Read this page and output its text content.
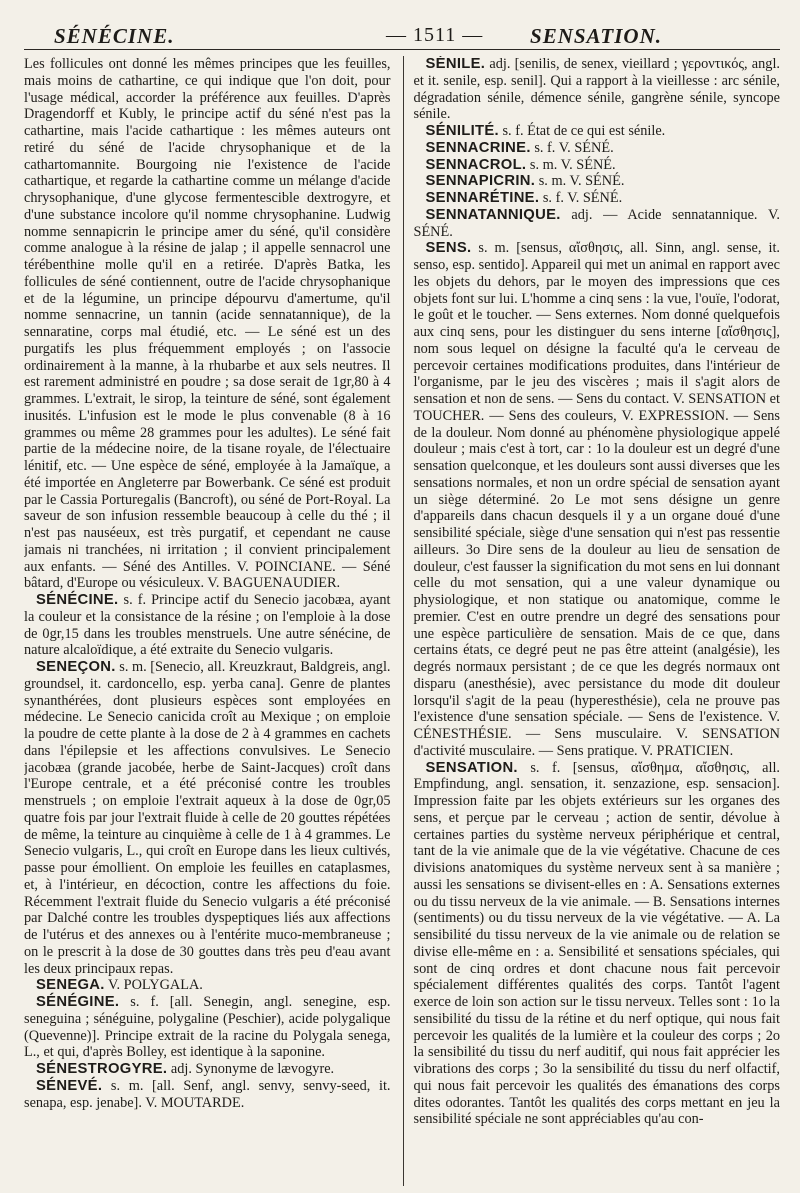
SÉNÉCINE.	— 1511 — SENSATION.

Les follicules ont donné les mêmes principes que les feuilles, mais moins de cathartine, ce qui indique que l'on doit, pour l'usage médical, accorder la préférence aux feuilles. D'après Dragendorff et Kubly, le principe actif du séné n'est pas la cathartine, mais l'acide cathartique : les mêmes auteurs ont retiré du séné de l'acide chrysophanique et de la cathartomannite. Bourgoing nie l'existence de l'acide cathartique, et regarde la cathartine comme un mélange d'acide chrysophanique, d'une glycose fermentescible dextrogyre, et d'une substance incolore qu'il nomme chrysophanine. Ludwig nomme sennapicrin le principe amer du séné, qu'il considère comme analogue à la résine de jalap ; il appelle sennacrol une térébenthine molle qu'il en a retirée. D'après Batka, les follicules de séné contiennent, outre de l'acide chrysophanique et de la légumine, un principe dépourvu d'amertume, qu'il nomme sennacrine, un tannin (acide sennatannique), de la sennaratine, corps mal étudié, etc. — Le séné est un des purgatifs les plus fréquemment employés ; on l'associe ordinairement à la manne, à la rhubarbe et aux sels neutres. Il est rarement administré en poudre ; sa dose serait de 1gr,80 à 4 grammes. L'extrait, le sirop, la teinture de séné, sont également inusités. L'infusion est le mode le plus convenable (8 à 16 grammes ou même 28 grammes pour les adultes). Le séné fait partie de la médecine noire, de la tisane royale, de l'électuaire lénitif, etc. — Une espèce de séné, employée à la Jamaïque, a été importée en Angleterre par Bowerbank. Ce séné est produit par le Cassia Porturegalis (Bancroft), ou séné de Port-Royal. La saveur de son infusion ressemble beaucoup à celle du thé ; il n'est pas nauséeux, est très purgatif, et cependant ne cause jamais ni tranchées, ni irritation ; il convient principalement aux enfants. — Séné des Antilles. V. POINCIANE. — Séné bâtard, d'Europe ou vésiculeux. V. BAGUENAUDIER.

SÉNÉCINE. s. f. Principe actif du Senecio jacobæa, ayant la couleur et la consistance de la résine ; on l'emploie à la dose de 0gr,15 dans les troubles menstruels. Une autre sénécine, de nature alcaloïdique, a été extraite du Senecio vulgaris.

SENEÇON. s. m. [Senecio, all. Kreuzkraut, Baldgreis, angl. groundsel, it. cardoncello, esp. yerba cana]. Genre de plantes synanthérées, dont plusieurs espèces sont employées en médecine. Le Senecio canicida croît au Mexique ; on emploie la poudre de cette plante à la dose de 2 à 4 grammes en cachets dans l'épilepsie et les affections convulsives. Le Senecio jacobæa (grande jacobée, herbe de Saint-Jacques) croît dans l'Europe centrale, et a été préconisé contre les troubles menstruels ; on emploie l'extrait aqueux à la dose de 0gr,05 quatre fois par jour l'extrait fluide à celle de 20 gouttes répétées de même, la teinture au cinquième à celle de 1 à 4 grammes. Le Senecio vulgaris, L., qui croît en Europe dans les lieux cultivés, passe pour émollient. On emploie les feuilles en cataplasmes, et, à l'intérieur, en décoction, contre les affections du foie. Récemment l'extrait fluide du Senecio vulgaris a été préconisé par Dalché contre les troubles dyspeptiques liés aux affections de l'utérus et des annexes ou à l'entérite muco-membraneuse ; on le prescrit à la dose de 30 gouttes dans très peu d'eau avant les deux principaux repas.

SENEGA. V. POLYGALA.

SÉNÉGINE. s. f. [all. Senegin, angl. senegine, esp. seneguina ; sénéguine, polygaline (Peschier), acide polygalique (Quevenne)]. Principe extrait de la racine du Polygala senega, L., et qui, d'après Bolley, est identique à la saponine.

SÉNESTROGYRE. adj. Synonyme de lævogyre.

SÉNEVÉ. s. m. [all. Senf, angl. senvy, senvy-seed, it. senapa, esp. jenabe]. V. MOUTARDE.

SÉNILE. adj. [senilis, de senex, vieillard ; γεροντικός, angl. et it. senile, esp. senil]. Qui a rapport à la vieillesse : arc sénile, dégradation sénile, démence sénile, gangrène sénile, syncope sénile.

SÉNILITÉ. s. f. État de ce qui est sénile.

SENNACRINE. s. f. V. SÉNÉ.

SENNACROL. s. m. V. SÉNÉ.

SENNAPICRIN. s. m. V. SÉNÉ.

SENNARÉTINE. s. f. V. SÉNÉ.

SENNATANNIQUE. adj. — Acide sennatannique. V. SÉNÉ.

SENS. s. m. [sensus, αἴσθησις, all. Sinn, angl. sense, it. senso, esp. sentido]. Appareil qui met un animal en rapport avec les objets du dehors, par le moyen des impressions que ces objets font sur lui. L'homme a cinq sens : la vue, l'ouïe, l'odorat, le goût et le toucher. — Sens externes. Nom donné quelquefois aux cinq sens, pour les distinguer du sens interne [αἴσθησις], nom sous lequel on désigne la faculté qu'a le cerveau de percevoir certaines modifications produites, dans l'intérieur de l'organisme, par le jeu des viscères ; mais il s'agit alors de sensation et non de sens. — Sens du contact. V. SENSATION et TOUCHER. — Sens des couleurs, V. EXPRESSION. — Sens de la douleur. Nom donné au phénomène physiologique appelé douleur ; mais c'est à tort, car : 1o la douleur est un degré d'une sensation quelconque, et les douleurs sont aussi diverses que les sensations normales, et non un ordre spécial de sensation ayant un siège déterminé. 2o Le mot sens désigne un genre d'appareils dans chacun desquels il y a un organe doué d'une sensibilité spéciale, siège d'une sensation qui n'est pas ressentie ailleurs. 3o Dire sens de la douleur au lieu de sensation de douleur, c'est fausser la signification du mot sens en lui donnant celle du mot sensation, qui a une valeur dynamique ou physiologique, et non statique ou anatomique, comme le premier. C'est en outre prendre un degré des sensations pour une espèce particulière de sensation. Mais de ce que, dans certains états, ce degré peut ne pas être atteint (analgésie), les degrés normaux persistant ; de ce que les degrés normaux ont disparu (anesthésie), avec persistance du mode dit douleur lorsqu'il s'agit de la peau (hyperesthésie), cela ne prouve pas l'existence d'une sensation spéciale. — Sens de l'existence. V. CÉNESTHÉSIE. — Sens musculaire. V. SENSATION d'activité musculaire. — Sens pratique. V. PRATICIEN.

SENSATION. s. f. [sensus, αἴσθημα, αἴσθησις, all. Empfindung, angl. sensation, it. senzazione, esp. sensacion]. Impression faite par les objets extérieurs sur les organes des sens, et perçue par le cerveau ; action de sentir, dévolue à certaines parties du système nerveux périphérique et central, tant de la vie animale que de la vie végétative. Chacune de ces divisions anatomiques du système nerveux sent à sa manière ; aussi les sensations se divisent-elles en : A. Sensations externes ou du tissu nerveux de la vie animale. — B. Sensations internes (sentiments) ou du tissu nerveux de la vie végétative. — A. La sensibilité du tissu nerveux de la vie animale ou de relation se divise elle-même en : a. Sensibilité et sensations spéciales, qui sont de cinq ordres et dont chacune nous fait percevoir spécialement différentes qualités des corps. Tantôt l'agent exerce de loin son action sur le tissu nerveux. Telles sont : 1o la sensibilité du tissu de la rétine et du nerf optique, qui nous fait percevoir les qualités de la lumière et la couleur des corps ; 2o la sensibilité du tissu du nerf auditif, qui nous fait apprécier les vibrations des corps ; 3o la sensibilité du tissu du nerf olfactif, qui nous fait percevoir les qualités des émanations des corps dites odorantes. Tantôt les qualités des corps mettant en jeu la sensibilité spéciale ne sont appréciables qu'au con-
